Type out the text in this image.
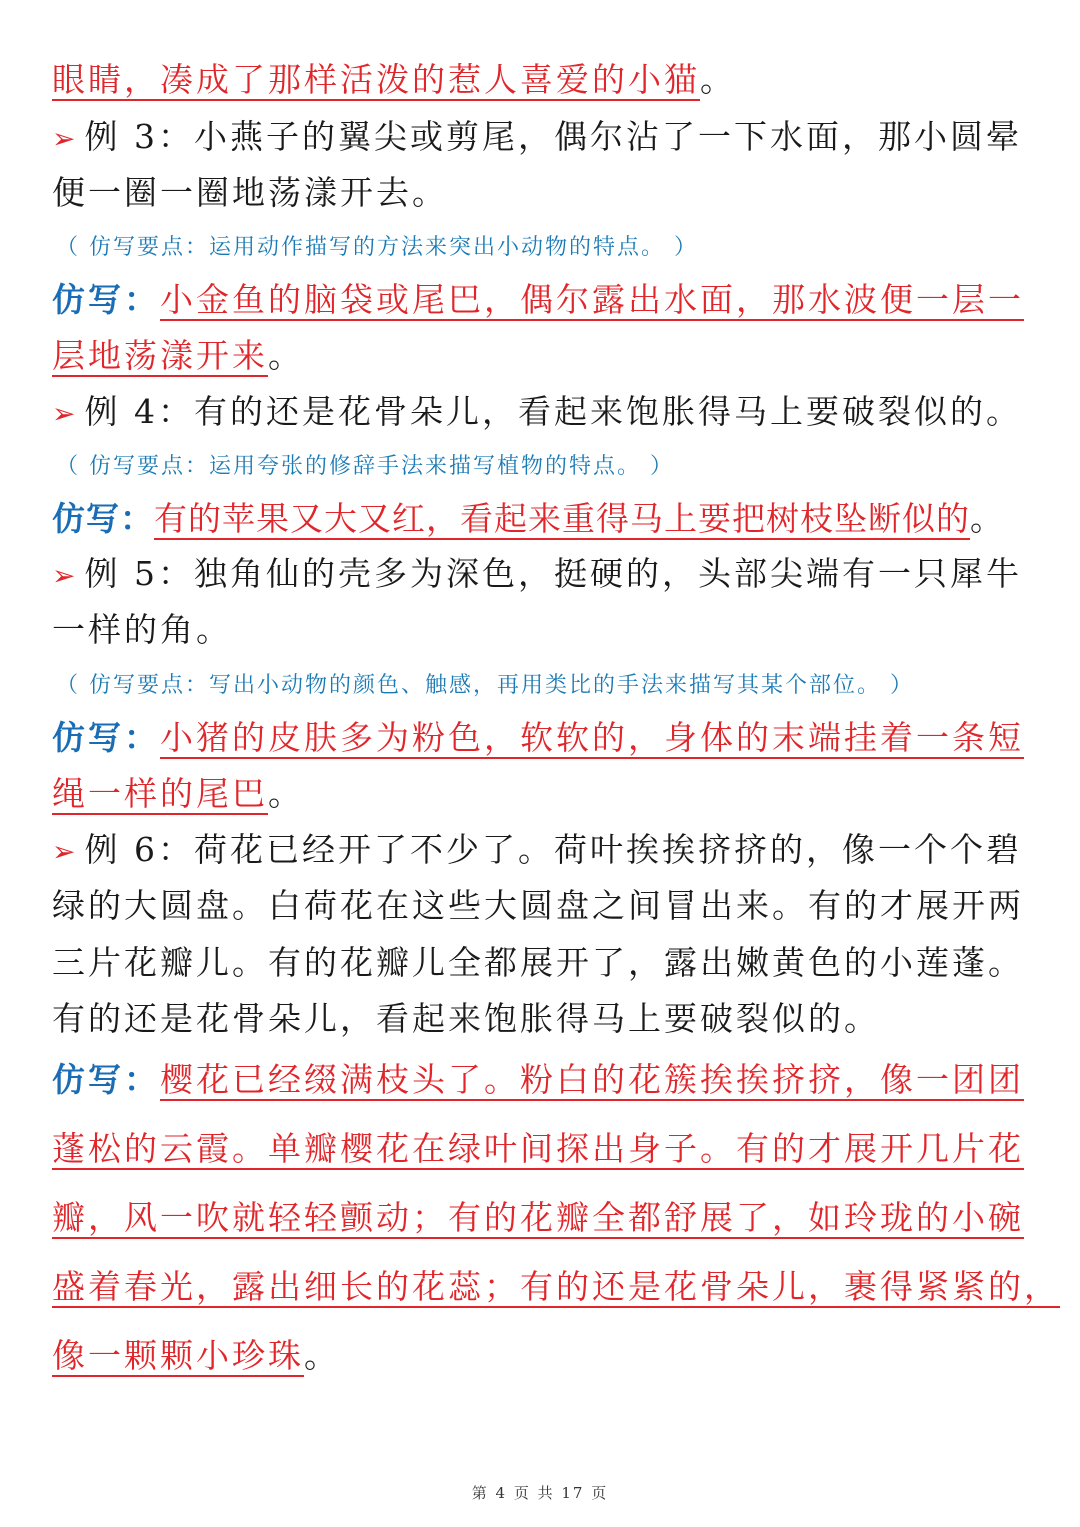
眼睛，凑成了那样活泼的惹人喜爱的小猫。
➢ 例 3：小燕子的翼尖或剪尾，偶尔沾了一下水面，那小圆晕
便一圈一圈地荡漾开去。
（ 仿写要点：运用动作描写的方法来突出小动物的特点。 ）
仿写：小金鱼的脑袋或尾巴，偶尔露出水面，那水波便一层一
层地荡漾开来。
➢ 例 4：有的还是花骨朵儿，看起来饱胀得马上要破裂似的。
（ 仿写要点：运用夸张的修辞手法来描写植物的特点。 ）
仿写：有的苹果又大又红，看起来重得马上要把树枝坠断似的。
➢ 例 5：独角仙的壳多为深色，挺硬的，头部尖端有一只犀牛
一样的角。
（ 仿写要点：写出小动物的颜色、触感，再用类比的手法来描写其某个部位。 ）
仿写：小猪的皮肤多为粉色，软软的，身体的末端挂着一条短
绳一样的尾巴。
➢ 例 6：荷花已经开了不少了。荷叶挨挨挤挤的，像一个个碧
绿的大圆盘。白荷花在这些大圆盘之间冒出来。有的才展开两
三片花瓣儿。有的花瓣儿全都展开了，露出嫩黄色的小莲蓬。
有的还是花骨朵儿，看起来饱胀得马上要破裂似的。
仿写：樱花已经缀满枝头了。粉白的花簇挨挨挤挤，像一团团
蓬松的云霞。单瓣樱花在绿叶间探出身子。有的才展开几片花
瓣，风一吹就轻轻颤动；有的花瓣全都舒展了，如玲珑的小碗
盛着春光，露出细长的花蕊；有的还是花骨朵儿，裹得紧紧的，
像一颗颗小珍珠。
第 4 页 共 17 页
